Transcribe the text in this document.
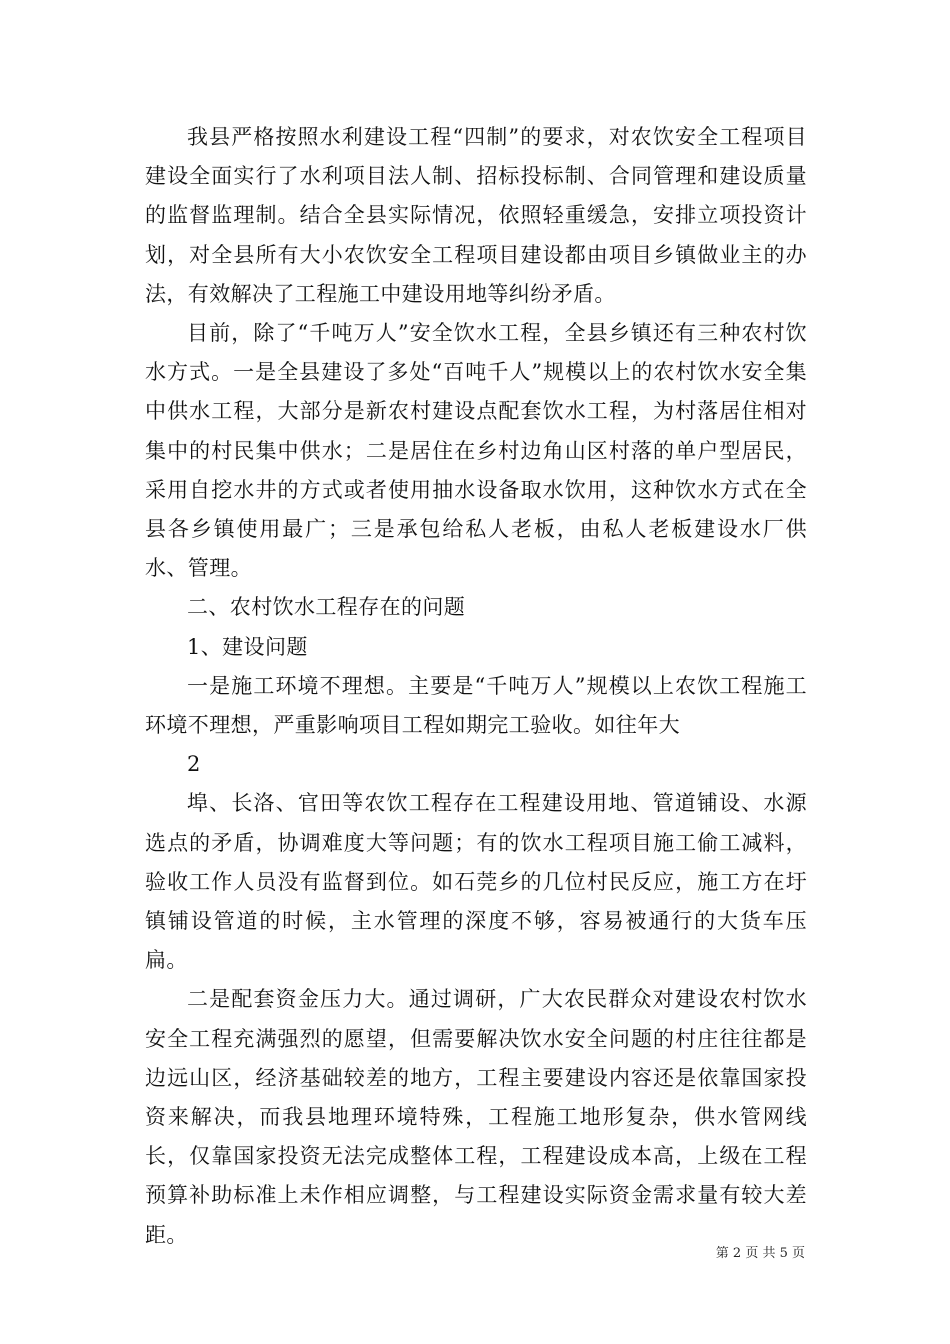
我县严格按照水利建设工程“四制”的要求，对农饮安全工程项目建设全面实行了水利项目法人制、招标投标制、合同管理和建设质量的监督监理制。结合全县实际情况，依照轻重缓急，安排立项投资计划，对全县所有大小农饮安全工程项目建设都由项目乡镇做业主的办法，有效解决了工程施工中建设用地等纠纷矛盾。

目前，除了“千吨万人”安全饮水工程，全县乡镇还有三种农村饮水方式。一是全县建设了多处“百吨千人”规模以上的农村饮水安全集中供水工程，大部分是新农村建设点配套饮水工程，为村落居住相对集中的村民集中供水；二是居住在乡村边角山区村落的单户型居民，采用自挖水井的方式或者使用抽水设备取水饮用，这种饮水方式在全县各乡镇使用最广；三是承包给私人老板，由私人老板建设水厂供水、管理。

二、农村饮水工程存在的问题

1、建设问题

一是施工环境不理想。主要是“千吨万人”规模以上农饮工程施工环境不理想，严重影响项目工程如期完工验收。如往年大

2

埠、长洛、官田等农饮工程存在工程建设用地、管道铺设、水源选点的矛盾，协调难度大等问题；有的饮水工程项目施工偷工减料，验收工作人员没有监督到位。如石莞乡的几位村民反应，施工方在圩镇铺设管道的时候，主水管理的深度不够，容易被通行的大货车压扁。

二是配套资金压力大。通过调研，广大农民群众对建设农村饮水安全工程充满强烈的愿望，但需要解决饮水安全问题的村庄往往都是边远山区，经济基础较差的地方，工程主要建设内容还是依靠国家投资来解决，而我县地理环境特殊，工程施工地形复杂，供水管网线长，仅靠国家投资无法完成整体工程，工程建设成本高，上级在工程预算补助标准上未作相应调整，与工程建设实际资金需求量有较大差距。

第 2 页 共 5 页
